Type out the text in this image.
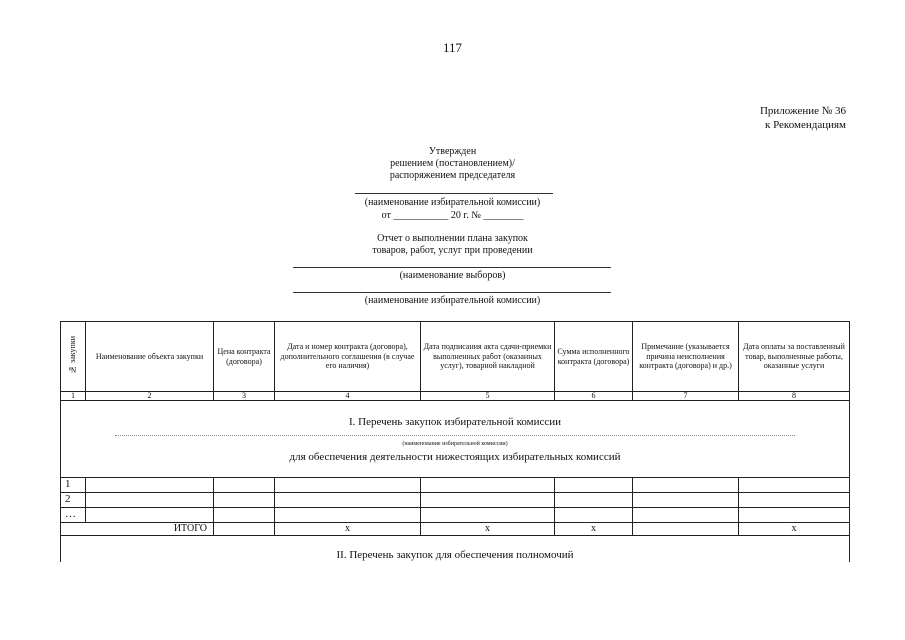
117
Приложение № 36
к Рекомендациям
Утвержден
решением (постановлением)/
распоряжением председателя
(наименование избирательной комиссии)
от ___________ 20 г. № ________
Отчет о выполнении плана закупок
товаров, работ, услуг при проведении
(наименование выборов)
(наименование избирательной комиссии)
№ закупки	Наименование объекта закупки	Цена контракта (договора)	Дата и номер контракта (договора), дополнительного соглашения (в случае его наличия)	Дата подписания акта сдачи-приемки выполненных работ (оказанных услуг), товарной накладной	Сумма исполненного контракта (договора)	Примечание (указывается причина неисполнения контракта (договора) и др.)	Дата оплаты за поставленный товар, выполненные работы, оказанные услуги
1	2	3	4	5	6	7	8

I. Перечень закупок избирательной комиссии
(наименование избирательной комиссии)
для обеспечения деятельности нижестоящих избирательных комиссий							

1							
2							
…							
ИТОГО			x	x	x		x

II. Перечень закупок для обеспечения полномочий							
